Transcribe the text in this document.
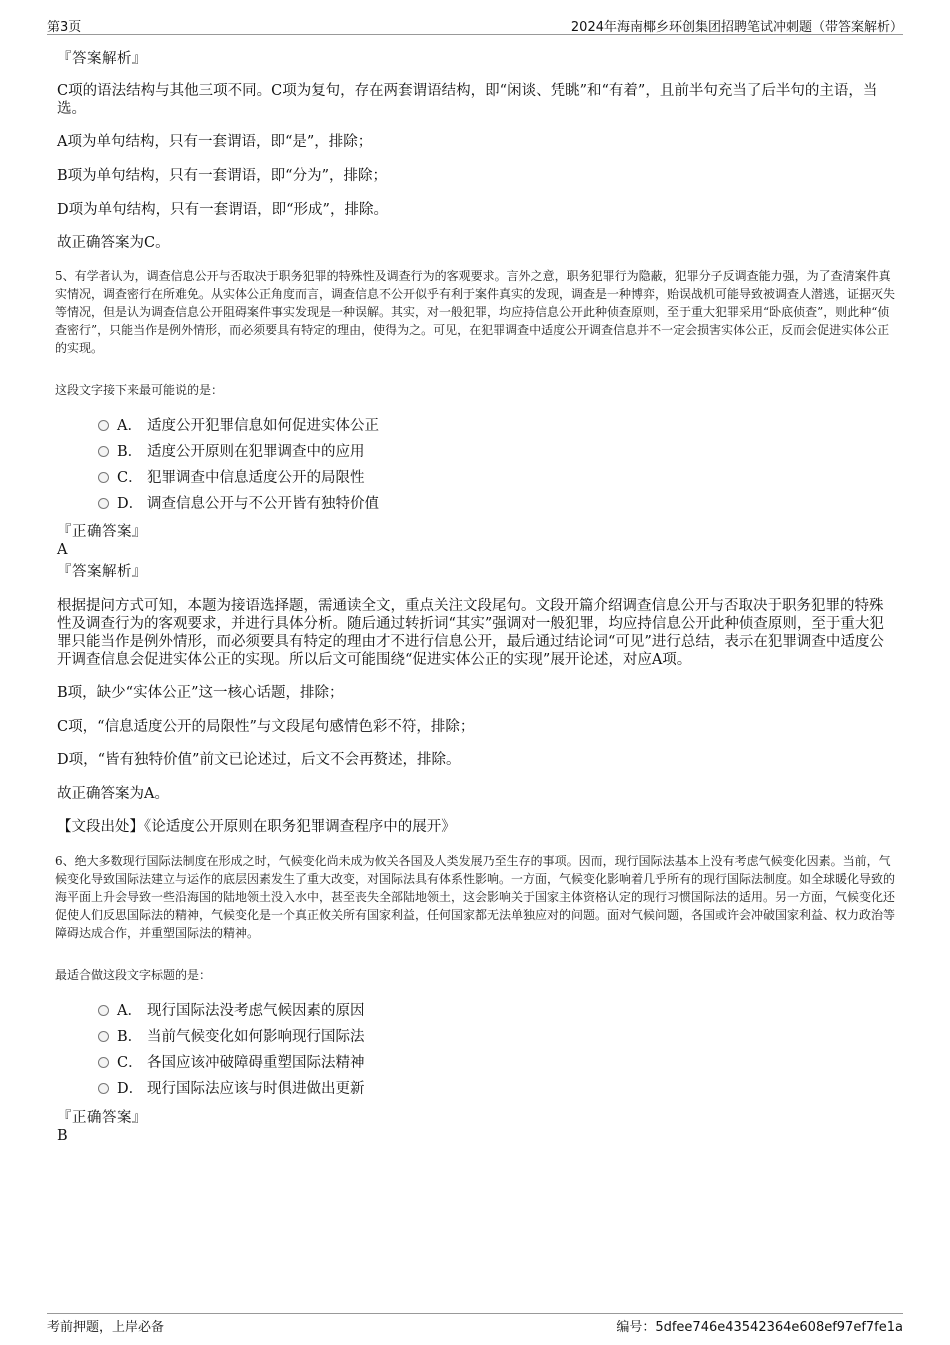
第3页	2024年海南椰乡环创集团招聘笔试冲刺题（带答案解析）
『答案解析』
C项的语法结构与其他三项不同。C项为复句，存在两套谓语结构，即“闲谈、凭眺”和“有着”，且前半句充当了后半句的主语，当选。
A项为单句结构，只有一套谓语，即“是”，排除；
B项为单句结构，只有一套谓语，即“分为”，排除；
D项为单句结构，只有一套谓语，即“形成”，排除。
故正确答案为C。
5、有学者认为，调查信息公开与否取决于职务犯罪的特殊性及调查行为的客观要求。言外之意，职务犯罪行为隐蔽，犯罪分子反调查能力强，为了查清案件真实情况，调查密行在所难免。从实体公正角度而言，调查信息不公开似乎有利于案件真实的发现，调查是一种博弈，贻误战机可能导致被调查人潜逃，证据灭失等情况，但是认为调查信息公开阻碍案件事实发现是一种误解。其实，对一般犯罪，均应持信息公开此种侦查原则，至于重大犯罪采用“卧底侦查”，则此种“侦查密行”，只能当作是例外情形，而必须要具有特定的理由，使得为之。可见，在犯罪调查中适度公开调查信息并不一定会损害实体公正，反而会促进实体公正的实现。
这段文字接下来最可能说的是：
A． 适度公开犯罪信息如何促进实体公正
B． 适度公开原则在犯罪调查中的应用
C． 犯罪调查中信息适度公开的局限性
D． 调查信息公开与不公开皆有独特价值
『正确答案』
A
『答案解析』
根据提问方式可知，本题为接语选择题，需通读全文，重点关注文段尾句。文段开篇介绍调查信息公开与否取决于职务犯罪的特殊性及调查行为的客观要求，并进行具体分析。随后通过转折词“其实”强调对一般犯罪，均应持信息公开此种侦查原则，至于重大犯罪只能当作是例外情形，而必须要具有特定的理由才不进行信息公开，最后通过结论词“可见”进行总结，表示在犯罪调查中适度公开调查信息会促进实体公正的实现。所以后文可能围绕“促进实体公正的实现”展开论述，对应A项。
B项，缺少“实体公正”这一核心话题，排除；
C项，“信息适度公开的局限性”与文段尾句感情色彩不符，排除；
D项，“皆有独特价值”前文已论述过，后文不会再赘述，排除。
故正确答案为A。
【文段出处】《论适度公开原则在职务犯罪调查程序中的展开》
6、绝大多数现行国际法制度在形成之时，气候变化尚未成为攸关各国及人类发展乃至生存的事项。因而，现行国际法基本上没有考虑气候变化因素。当前，气候变化导致国际法建立与运作的底层因素发生了重大改变，对国际法具有体系性影响。一方面，气候变化影响着几乎所有的现行国际法制度。如全球暖化导致的海平面上升会导致一些沿海国的陆地领土没入水中，甚至丧失全部陆地领土，这会影响关于国家主体资格认定的现行习惯国际法的适用。另一方面，气候变化还促使人们反思国际法的精神，气候变化是一个真正攸关所有国家利益，任何国家都无法单独应对的问题。面对气候问题，各国或许会冲破国家利益、权力政治等障碍达成合作，并重塑国际法的精神。
最适合做这段文字标题的是：
A． 现行国际法没考虑气候因素的原因
B． 当前气候变化如何影响现行国际法
C． 各国应该冲破障碍重塑国际法精神
D． 现行国际法应该与时俱进做出更新
『正确答案』
B
考前押题，上岸必备	编号：5dfee746e43542364e608ef97ef7fe1a
